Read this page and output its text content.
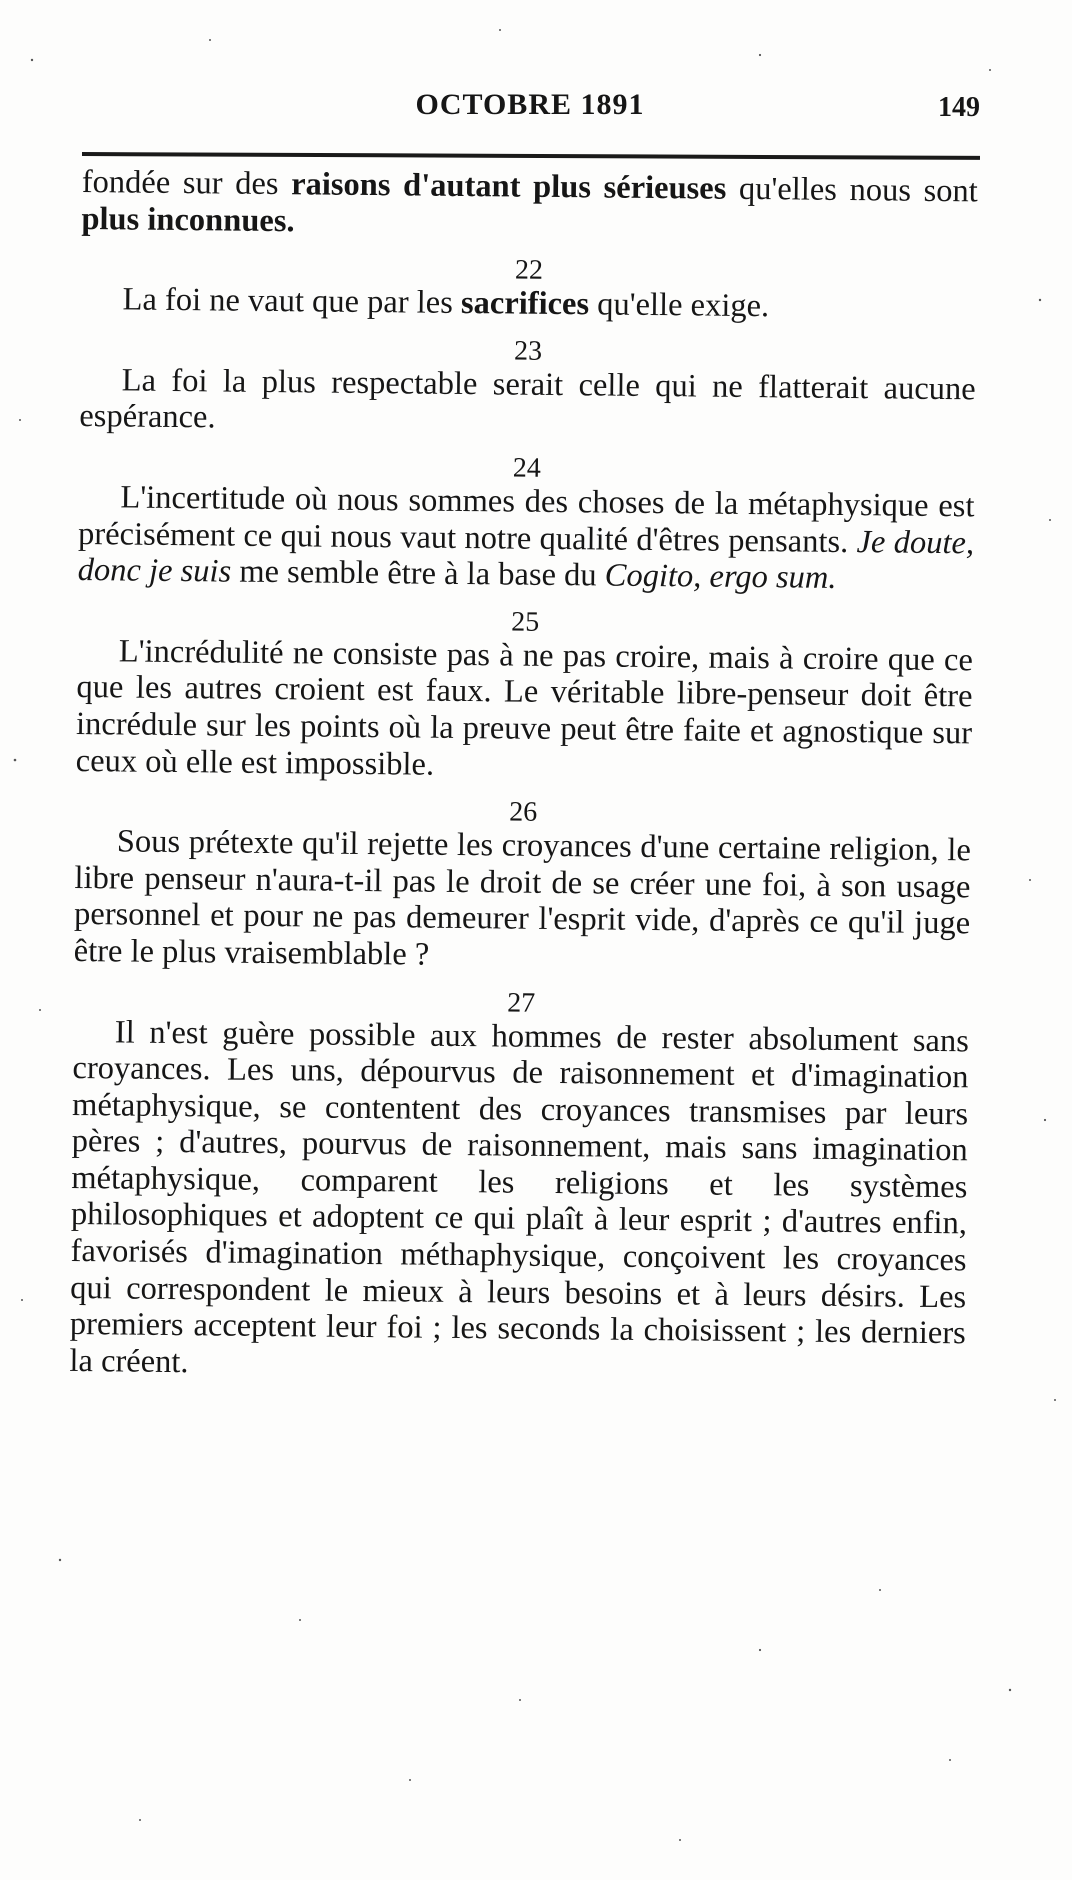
OCTOBRE 1891	149

fondée sur des raisons d'autant plus sérieuses qu'elles nous sont plus inconnues.

22

La foi ne vaut que par les sacrifices qu'elle exige.

23

La foi la plus respectable serait celle qui ne flatterait aucune espérance.

24

L'incertitude où nous sommes des choses de la métaphysique est précisément ce qui nous vaut notre qualité d'êtres pensants. Je doute, donc je suis me semble être à la base du Cogito, ergo sum.

25

L'incrédulité ne consiste pas à ne pas croire, mais à croire que ce que les autres croient est faux. Le véritable libre-penseur doit être incrédule sur les points où la preuve peut être faite et agnostique sur ceux où elle est impossible.

26

Sous prétexte qu'il rejette les croyances d'une certaine religion, le libre penseur n'aura-t-il pas le droit de se créer une foi, à son usage personnel et pour ne pas demeurer l'esprit vide, d'après ce qu'il juge être le plus vraisemblable ?

27

Il n'est guère possible aux hommes de rester absolument sans croyances. Les uns, dépourvus de raisonnement et d'imagination métaphysique, se contentent des croyances transmises par leurs pères ; d'autres, pourvus de raisonnement, mais sans imagination métaphysique, comparent les religions et les systèmes philosophiques et adoptent ce qui plaît à leur esprit ; d'autres enfin, favorisés d'imagination méthaphysique, conçoivent les croyances qui correspondent le mieux à leurs besoins et à leurs désirs. Les premiers acceptent leur foi ; les seconds la choisissent ; les derniers la créent.
